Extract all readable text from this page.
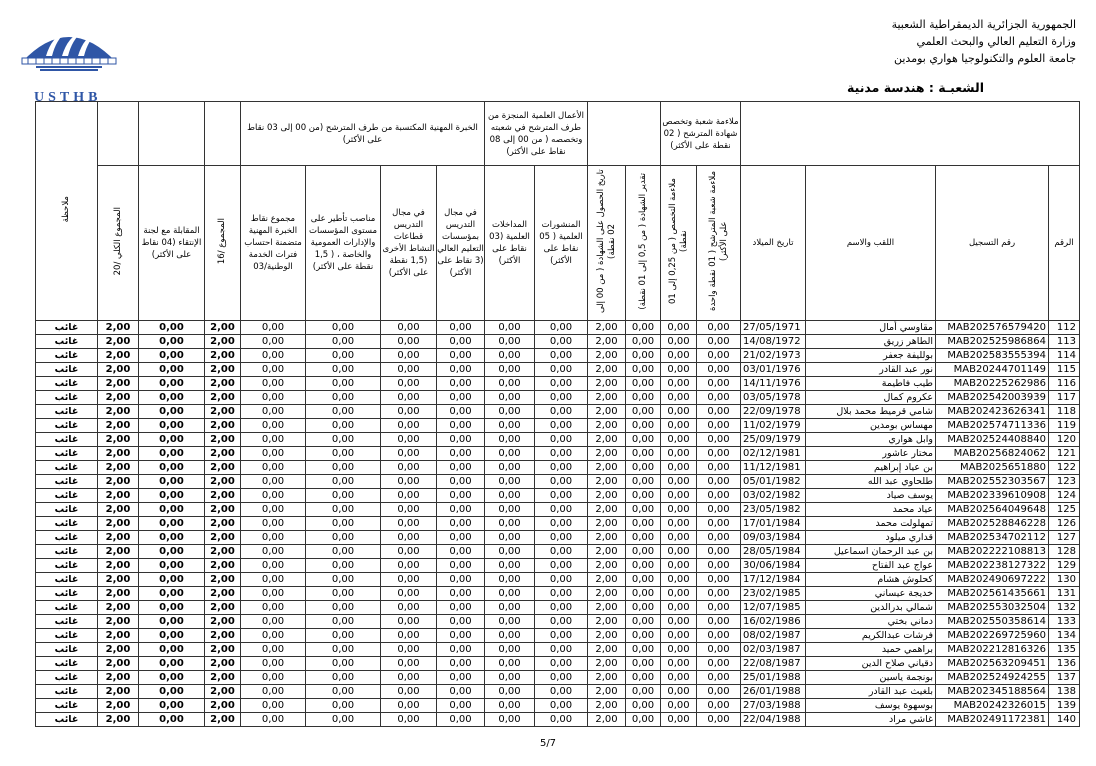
الجمهورية الجزائرية الديمقراطية الشعبية
وزارة التعليم العالي والبحث العلمي
جامعة العلوم والتكنولوجيا هواري بومدين
الشعبـة : هندسة مدنية
USTHB
ملاحظة				الخبرة المهنية المكتسبة من طرف المترشح (من 00 إلى 03 نقاط على الأكثر)				الأعمال العلمية المنجزة من طرف المترشح في شعبته وتخصصه ( من 00 إلى 08 نقاط على الأكثر)				ملاءمة شعبة وتخصص شهادة المترشح ( 02 نقطة على الأكثر)					
	المجموع الكلي /20	المقابلة مع لجنة الإنتقاء (04 نقاط على الأكثر)	المجموع /16	مجموع نقاط الخبرة المهنية متضمنة احتساب فترات الخدمة الوطنية/03	مناصب تأطير على مستوى المؤسسات والإدارات العمومية والخاصة ، ( 1,5 نقطة على الأكثر)	في مجال التدريس قطاعات النشاط الأخرى (1,5 نقطة على الأكثر)	في مجال التدريس بمؤسسات التعليم العالي (3 نقاط على الأكثر)	المداخلات العلمية (03 نقاط على الأكثر)	المنشورات العلمية ( 05 نقاط على الأكثر)	تاريخ الحصول على الشهادة ( من 00 إلى 02 نقطة)	تقدير الشهادة ( من 0,5 إلى 01 نقطة)	ملاءمة التخصص ( من 0,25 إلى 01 نقطة)	ملاءمة شعبة المترشح ( 01 نقطة واحدة على الأكثر)	تاريخ الميلاد	اللقب والاسم	رقم التسجيل	الرقم
غائب	2,00	0,00	2,00	0,00	0,00	0,00	0,00	0,00	0,00	2,00	0,00	0,00	0,00	27/05/1971	مقاوسي أمال	MAB202576579420	112
غائب	2,00	0,00	2,00	0,00	0,00	0,00	0,00	0,00	0,00	2,00	0,00	0,00	0,00	14/08/1972	الطاهر زريق	MAB202525986864	113
غائب	2,00	0,00	2,00	0,00	0,00	0,00	0,00	0,00	0,00	2,00	0,00	0,00	0,00	21/02/1973	بولليفة جعفر	MAB202583555394	114
غائب	2,00	0,00	2,00	0,00	0,00	0,00	0,00	0,00	0,00	2,00	0,00	0,00	0,00	03/01/1976	نور عبد القادر	MAB20244701149	115
غائب	2,00	0,00	2,00	0,00	0,00	0,00	0,00	0,00	0,00	2,00	0,00	0,00	0,00	14/11/1976	طيب فاطيمة	MAB20225262986	116
غائب	2,00	0,00	2,00	0,00	0,00	0,00	0,00	0,00	0,00	2,00	0,00	0,00	0,00	03/05/1978	عكروم كمال	MAB202542003939	117
غائب	2,00	0,00	2,00	0,00	0,00	0,00	0,00	0,00	0,00	2,00	0,00	0,00	0,00	22/09/1978	شامي قرميط محمد بلال	MAB202423626341	118
غائب	2,00	0,00	2,00	0,00	0,00	0,00	0,00	0,00	0,00	2,00	0,00	0,00	0,00	11/02/1979	مهساس بومدين	MAB202574711336	119
غائب	2,00	0,00	2,00	0,00	0,00	0,00	0,00	0,00	0,00	2,00	0,00	0,00	0,00	25/09/1979	وابل هواري	MAB202524408840	120
غائب	2,00	0,00	2,00	0,00	0,00	0,00	0,00	0,00	0,00	2,00	0,00	0,00	0,00	02/12/1981	مختار عاشور	MAB20256824062	121
غائب	2,00	0,00	2,00	0,00	0,00	0,00	0,00	0,00	0,00	2,00	0,00	0,00	0,00	11/12/1981	بن عياد إبراهيم	MAB2025651880	122
غائب	2,00	0,00	2,00	0,00	0,00	0,00	0,00	0,00	0,00	2,00	0,00	0,00	0,00	05/01/1982	طلحاوي عبد الله	MAB202552303567	123
غائب	2,00	0,00	2,00	0,00	0,00	0,00	0,00	0,00	0,00	2,00	0,00	0,00	0,00	03/02/1982	يوسف صياد	MAB202339610908	124
غائب	2,00	0,00	2,00	0,00	0,00	0,00	0,00	0,00	0,00	2,00	0,00	0,00	0,00	23/05/1982	عياد محمد	MAB202564049648	125
غائب	2,00	0,00	2,00	0,00	0,00	0,00	0,00	0,00	0,00	2,00	0,00	0,00	0,00	17/01/1984	تمهلولت محمد	MAB202528846228	126
غائب	2,00	0,00	2,00	0,00	0,00	0,00	0,00	0,00	0,00	2,00	0,00	0,00	0,00	09/03/1984	قداري ميلود	MAB202534702112	127
غائب	2,00	0,00	2,00	0,00	0,00	0,00	0,00	0,00	0,00	2,00	0,00	0,00	0,00	28/05/1984	بن عبد الرحمان اسماعيل	MAB202222108813	128
غائب	2,00	0,00	2,00	0,00	0,00	0,00	0,00	0,00	0,00	2,00	0,00	0,00	0,00	30/06/1984	عواج عبد الفتاح	MAB202238127322	129
غائب	2,00	0,00	2,00	0,00	0,00	0,00	0,00	0,00	0,00	2,00	0,00	0,00	0,00	17/12/1984	كحلوش هشام	MAB202490697222	130
غائب	2,00	0,00	2,00	0,00	0,00	0,00	0,00	0,00	0,00	2,00	0,00	0,00	0,00	23/02/1985	خديجة عيساني	MAB202561435661	131
غائب	2,00	0,00	2,00	0,00	0,00	0,00	0,00	0,00	0,00	2,00	0,00	0,00	0,00	12/07/1985	شمالي بدرالدين	MAB202553032504	132
غائب	2,00	0,00	2,00	0,00	0,00	0,00	0,00	0,00	0,00	2,00	0,00	0,00	0,00	16/02/1986	دماني بختي	MAB202550358614	133
غائب	2,00	0,00	2,00	0,00	0,00	0,00	0,00	0,00	0,00	2,00	0,00	0,00	0,00	08/02/1987	فرشات عبدالكريم	MAB202269725960	134
غائب	2,00	0,00	2,00	0,00	0,00	0,00	0,00	0,00	0,00	2,00	0,00	0,00	0,00	02/03/1987	براهمي حميد	MAB202212816326	135
غائب	2,00	0,00	2,00	0,00	0,00	0,00	0,00	0,00	0,00	2,00	0,00	0,00	0,00	22/08/1987	دقياني صلاح الدين	MAB202563209451	136
غائب	2,00	0,00	2,00	0,00	0,00	0,00	0,00	0,00	0,00	2,00	0,00	0,00	0,00	25/01/1988	بونجمة ياسين	MAB202524924255	137
غائب	2,00	0,00	2,00	0,00	0,00	0,00	0,00	0,00	0,00	2,00	0,00	0,00	0,00	26/01/1988	بلغيث عبد القادر	MAB202345188564	138
غائب	2,00	0,00	2,00	0,00	0,00	0,00	0,00	0,00	0,00	2,00	0,00	0,00	0,00	27/03/1988	بوسهوة يوسف	MAB20242326015	139
غائب	2,00	0,00	2,00	0,00	0,00	0,00	0,00	0,00	0,00	2,00	0,00	0,00	0,00	22/04/1988	غاشي مراد	MAB202491172381	140
5/7
